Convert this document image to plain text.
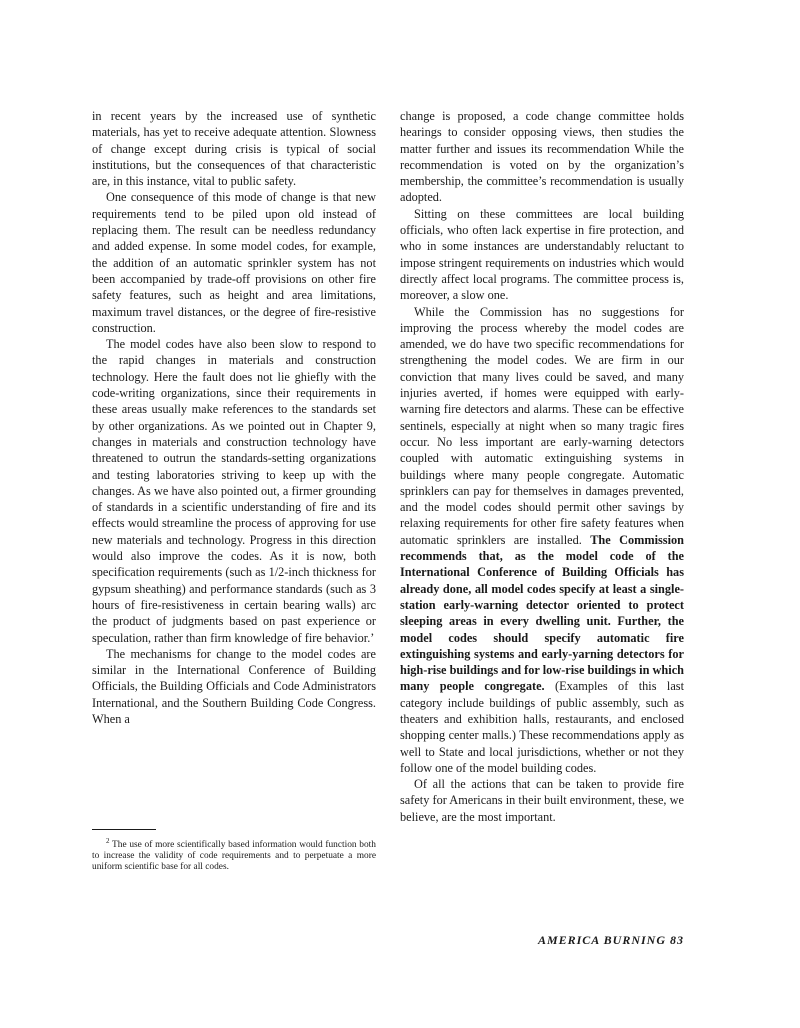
in recent years by the increased use of synthetic materials, has yet to receive adequate attention. Slowness of change except during crisis is typical of social institutions, but the consequences of that characteristic are, in this instance, vital to public safety.

One consequence of this mode of change is that new requirements tend to be piled upon old instead of replacing them. The result can be needless redundancy and added expense. In some model codes, for example, the addition of an automatic sprinkler system has not been accompanied by trade-off provisions on other fire safety features, such as height and area limitations, maximum travel distances, or the degree of fire-resistive construction.

The model codes have also been slow to respond to the rapid changes in materials and construction technology. Here the fault does not lie ghiefly with the code-writing organizations, since their requirements in these areas usually make references to the standards set by other organizations. As we pointed out in Chapter 9, changes in materials and construction technology have threatened to outrun the standards-setting organizations and testing laboratories striving to keep up with the changes. As we have also pointed out, a firmer grounding of standards in a scientific understanding of fire and its effects would streamline the process of approving for use new materials and technology. Progress in this direction would also improve the codes. As it is now, both specification requirements (such as 1/2-inch thickness for gypsum sheathing) and performance standards (such as 3 hours of fire-resistiveness in certain bearing walls) arc the product of judgments based on past experience or speculation, rather than firm knowledge of fire behavior.’

The mechanisms for change to the model codes are similar in the International Conference of Building Officials, the Building Officials and Code Administrators International, and the Southern Building Code Congress. When a

change is proposed, a code change committee holds hearings to consider opposing views, then studies the matter further and issues its recommendation While the recommendation is voted on by the organization’s membership, the committee’s recommendation is usually adopted.

Sitting on these committees are local building officials, who often lack expertise in fire protection, and who in some instances are understandably reluctant to impose stringent requirements on industries which would directly affect local programs. The committee process is, moreover, a slow one.

While the Commission has no suggestions for improving the process whereby the model codes are amended, we do have two specific recommendations for strengthening the model codes. We are firm in our conviction that many lives could be saved, and many injuries averted, if homes were equipped with early-warning fire detectors and alarms. These can be effective sentinels, especially at night when so many tragic fires occur. No less important are early-warning detectors coupled with automatic extinguishing systems in buildings where many people congregate. Automatic sprinklers can pay for themselves in damages prevented, and the model codes should permit other savings by relaxing requirements for other fire safety features when automatic sprinklers are installed. The Commission recommends that, as the model code of the International Conference of Building Officials has already done, all model codes specify at least a single-station early-warning detector oriented to protect sleeping areas in every dwelling unit. Further, the model codes should specify automatic fire extinguishing systems and early-yarning detectors for high-rise buildings and for low-rise buildings in which many people congregate. (Examples of this last category include buildings of public assembly, such as theaters and exhibition halls, restaurants, and enclosed shopping center malls.) These recommendations apply as well to State and local jurisdictions, whether or not they follow one of the model building codes.

Of all the actions that can be taken to provide fire safety for Americans in their built environment, these, we believe, are the most important.

$^2$ The use of more scientifically based information would function both to increase the validity of code requirements and to perpetuate a more uniform scientific base for all codes.
AMERICA BURNING 83
